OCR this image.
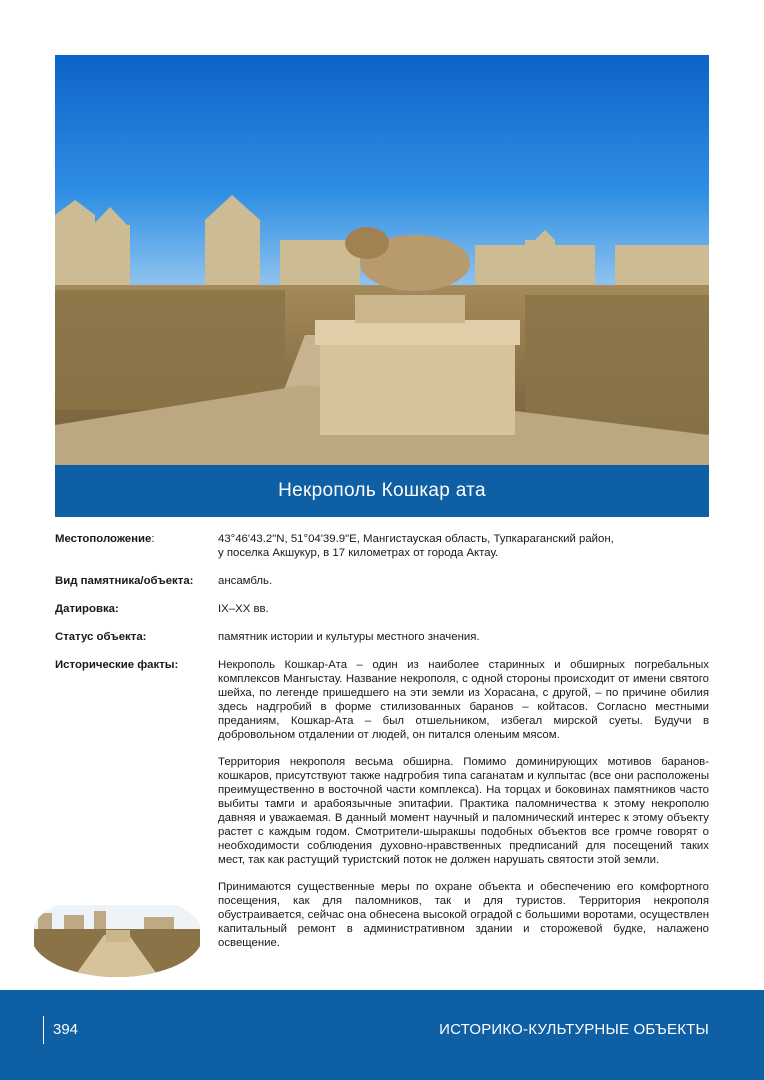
Некрополь Кошкар ата
Местоположение:	43°46'43.2"N, 51°04'39.9"E, Мангистауская область, Тупкараганский район,
у поселка Акшукур, в 17 километрах от города Актау.
Вид памятника/объекта:	ансамбль.
Датировка:	IX–XX вв.
Статус объекта:	памятник истории и культуры местного значения.
Исторические факты:	Некрополь Кошкар-Ата – один из наиболее старинных и обширных погребальных комплексов Мангыстау. Название некрополя, с одной стороны происходит от имени святого шейха, по легенде пришедшего на эти земли из Хорасана, с другой, – по причине обилия здесь надгробий в форме стилизованных баранов – койтасов. Согласно местными преданиям, Кошкар-Ата – был отшельником, избегал мирской суеты. Будучи в добровольном отдалении от людей, он питался оленьим мясом.

Территория некрополя весьма обширна. Помимо доминирующих мотивов баранов-кошкаров, присутствуют также надгробия типа саганатам и кулпытас (все они расположены преимущественно в восточной части комплекса). На торцах и боковинах памятников часто выбиты тамги и арабоязычные эпитафии. Практика паломничества к этому некрополю давняя и уважаемая. В данный момент научный и паломнический интерес к этому объекту растет с каждым годом. Смотрители-шыракшы подобных объектов все громче говорят о необходимости соблюдения духовно-нравственных предписаний для посещений таких мест, так как растущий туристский поток не должен нарушать святости этой земли.

Принимаются существенные меры по охране объекта и обеспечению его комфортного посещения, как для паломников, так и для туристов. Территория некрополя обустраивается, сейчас она обнесена высокой оградой с большими воротами, осуществлен капитальный ремонт в административном здании и сторожевой будке, налажено освещение.

394	ИСТОРИКО-КУЛЬТУРНЫЕ ОБЪЕКТЫ
